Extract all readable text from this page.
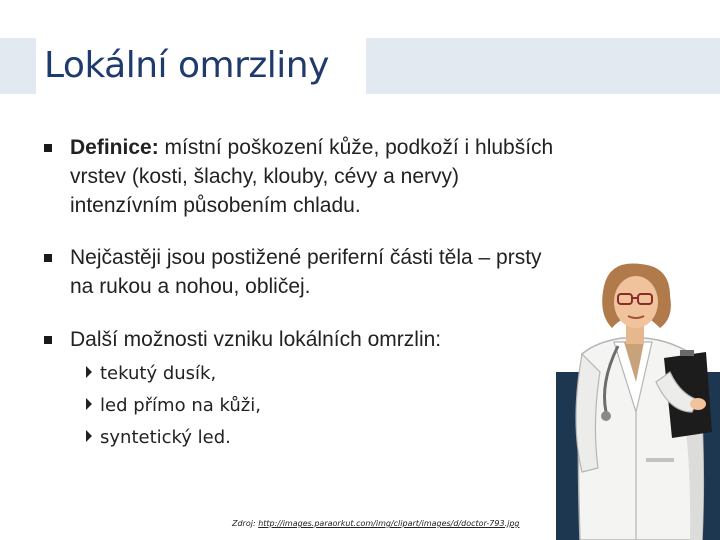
Lokální omrzliny
Definice: místní poškození kůže, podkoží i hlubších
vrstev (kosti, šlachy, klouby, cévy a nervy)
intenzívním působením chladu.
Nejčastěji jsou postižené periferní části těla – prsty
na rukou a nohou, obličej.
Další možnosti vzniku lokálních omrzlin:
tekutý dusík,
led přímo na kůži,
syntetický led.
Zdroj: http://images.paraorkut.com/img/clipart/images/d/doctor-793.jpg
